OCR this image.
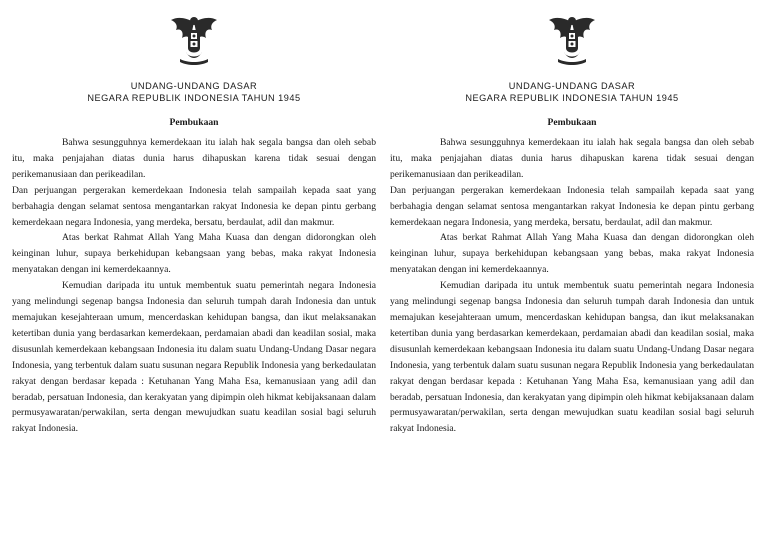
UNDANG-UNDANG DASAR
NEGARA REPUBLIK INDONESIA TAHUN 1945
Pembukaan

Bahwa sesungguhnya kemerdekaan itu ialah hak segala bangsa dan oleh sebab itu, maka penjajahan diatas dunia harus dihapuskan karena tidak sesuai dengan perikemanusiaan dan perikeadilan.

Dan perjuangan pergerakan kemerdekaan Indonesia telah sampailah kepada saat yang berbahagia dengan selamat sentosa mengantarkan rakyat Indonesia ke depan pintu gerbang kemerdekaan negara Indonesia, yang merdeka, bersatu, berdaulat, adil dan makmur.

Atas berkat Rahmat Allah Yang Maha Kuasa dan dengan didorongkan oleh keinginan luhur, supaya berkehidupan kebangsaan yang bebas, maka rakyat Indonesia menyatakan dengan ini kemerdekaannya.

Kemudian daripada itu untuk membentuk suatu pemerintah negara Indonesia yang melindungi segenap bangsa Indonesia dan seluruh tumpah darah Indonesia dan untuk memajukan kesejahteraan umum, mencerdaskan kehidupan bangsa, dan ikut melaksanakan ketertiban dunia yang berdasarkan kemerdekaan, perdamaian abadi dan keadilan sosial, maka disusunlah kemerdekaan kebangsaan Indonesia itu dalam suatu Undang-Undang Dasar negara Indonesia, yang terbentuk dalam suatu susunan negara Republik Indonesia yang berkedaulatan rakyat dengan berdasar kepada : Ketuhanan Yang Maha Esa, kemanusiaan yang adil dan beradab, persatuan Indonesia, dan kerakyatan yang dipimpin oleh hikmat kebijaksanaan dalam permusyawaratan/perwakilan, serta dengan mewujudkan suatu keadilan sosial bagi seluruh rakyat Indonesia.

UNDANG-UNDANG DASAR
NEGARA REPUBLIK INDONESIA TAHUN 1945
Pembukaan

Bahwa sesungguhnya kemerdekaan itu ialah hak segala bangsa dan oleh sebab itu, maka penjajahan diatas dunia harus dihapuskan karena tidak sesuai dengan perikemanusiaan dan perikeadilan.

Dan perjuangan pergerakan kemerdekaan Indonesia telah sampailah kepada saat yang berbahagia dengan selamat sentosa mengantarkan rakyat Indonesia ke depan pintu gerbang kemerdekaan negara Indonesia, yang merdeka, bersatu, berdaulat, adil dan makmur.

Atas berkat Rahmat Allah Yang Maha Kuasa dan dengan didorongkan oleh keinginan luhur, supaya berkehidupan kebangsaan yang bebas, maka rakyat Indonesia menyatakan dengan ini kemerdekaannya.

Kemudian daripada itu untuk membentuk suatu pemerintah negara Indonesia yang melindungi segenap bangsa Indonesia dan seluruh tumpah darah Indonesia dan untuk memajukan kesejahteraan umum, mencerdaskan kehidupan bangsa, dan ikut melaksanakan ketertiban dunia yang berdasarkan kemerdekaan, perdamaian abadi dan keadilan sosial, maka disusunlah kemerdekaan kebangsaan Indonesia itu dalam suatu Undang-Undang Dasar negara Indonesia, yang terbentuk dalam suatu susunan negara Republik Indonesia yang berkedaulatan rakyat dengan berdasar kepada : Ketuhanan Yang Maha Esa, kemanusiaan yang adil dan beradab, persatuan Indonesia, dan kerakyatan yang dipimpin oleh hikmat kebijaksanaan dalam permusyawaratan/perwakilan, serta dengan mewujudkan suatu keadilan sosial bagi seluruh rakyat Indonesia.
